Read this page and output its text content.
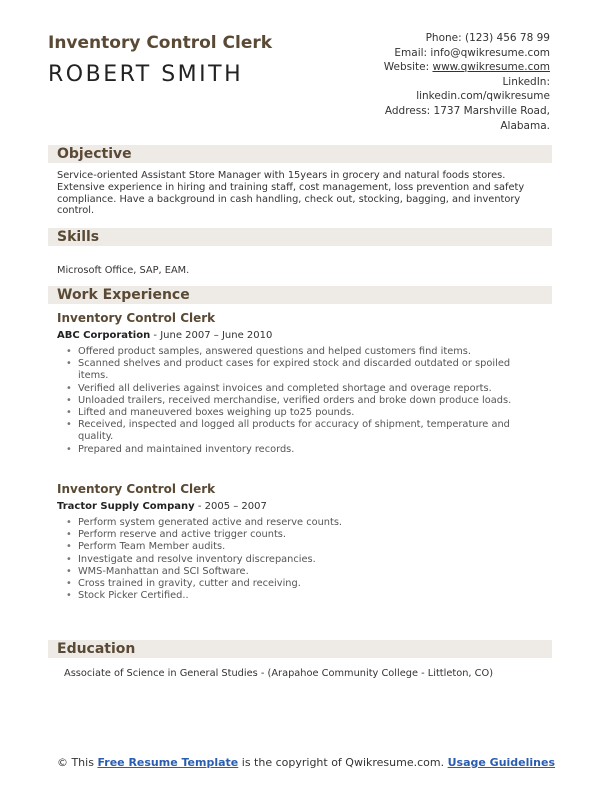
Inventory Control Clerk
ROBERT SMITH
Phone: (123) 456 78 99
Email: info@qwikresume.com
Website: www.qwikresume.com
LinkedIn:
linkedin.com/qwikresume
Address: 1737 Marshville Road,
Alabama.
Objective
Service-oriented Assistant Store Manager with 15years in grocery and natural foods stores. Extensive experience in hiring and training staff, cost management, loss prevention and safety compliance. Have a background in cash handling, check out, stocking, bagging, and inventory control.
Skills
Microsoft Office, SAP, EAM.
Work Experience
Inventory Control Clerk
ABC Corporation - June 2007 – June 2010
• Offered product samples, answered questions and helped customers find items.
• Scanned shelves and product cases for expired stock and discarded outdated or spoiled items.
• Verified all deliveries against invoices and completed shortage and overage reports.
• Unloaded trailers, received merchandise, verified orders and broke down produce loads.
• Lifted and maneuvered boxes weighing up to25 pounds.
• Received, inspected and logged all products for accuracy of shipment, temperature and quality.
• Prepared and maintained inventory records.
Inventory Control Clerk
Tractor Supply Company - 2005 – 2007
• Perform system generated active and reserve counts.
• Perform reserve and active trigger counts.
• Perform Team Member audits.
• Investigate and resolve inventory discrepancies.
• WMS-Manhattan and SCI Software.
• Cross trained in gravity, cutter and receiving.
• Stock Picker Certified..
Education
Associate of Science in General Studies - (Arapahoe Community College - Littleton, CO)
© This Free Resume Template is the copyright of Qwikresume.com. Usage Guidelines
